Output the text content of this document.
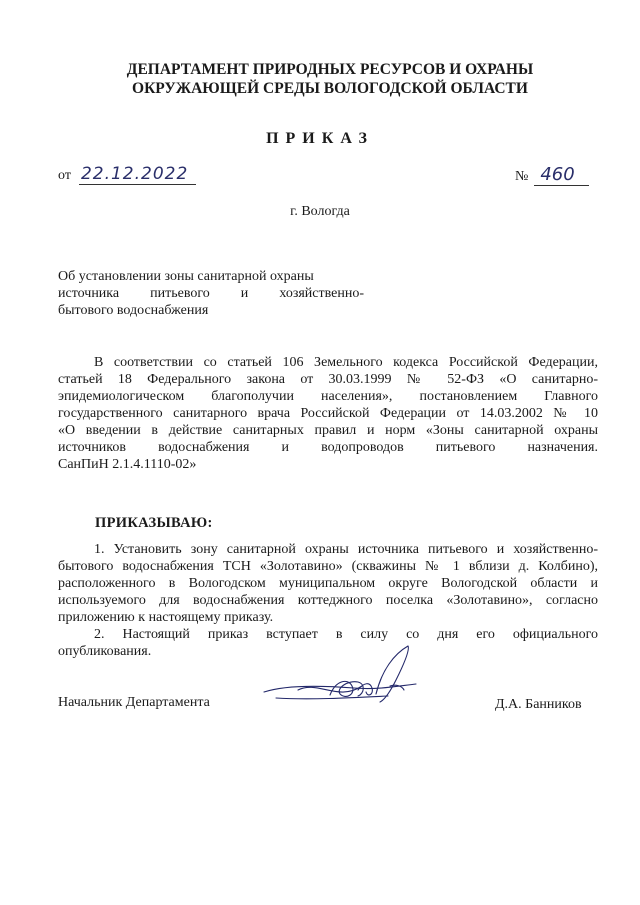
ДЕПАРТАМЕНТ ПРИРОДНЫХ РЕСУРСОВ И ОХРАНЫ
ОКРУЖАЮЩЕЙ СРЕДЫ ВОЛОГОДСКОЙ ОБЛАСТИ
ПРИКАЗ
от 22.12.2022	№ 460
г. Вологда
Об установлении зоны санитарной охраны
источника питьевого и хозяйственно-
бытового водоснабжения
В соответствии со статьей 106 Земельного кодекса Российской Федерации,
статьей 18 Федерального закона от 30.03.1999 № 52-ФЗ «О санитарно-
эпидемиологическом благополучии населения», постановлением Главного
государственного санитарного врача Российской Федерации от 14.03.2002 № 10
«О введении в действие санитарных правил и норм «Зоны санитарной охраны
источников водоснабжения и водопроводов питьевого назначения.
СанПиН 2.1.4.1110-02»
ПРИКАЗЫВАЮ:
1. Установить зону санитарной охраны источника питьевого и хозяйственно-
бытового водоснабжения ТСН «Золотавино» (скважины № 1 вблизи д. Колбино),
расположенного в Вологодском муниципальном округе Вологодской области и
используемого для водоснабжения коттеджного поселка «Золотавино», согласно
приложению к настоящему приказу.
2. Настоящий приказ вступает в силу со дня его официального
опубликования.
Начальник Департамента	Д.А. Банников
